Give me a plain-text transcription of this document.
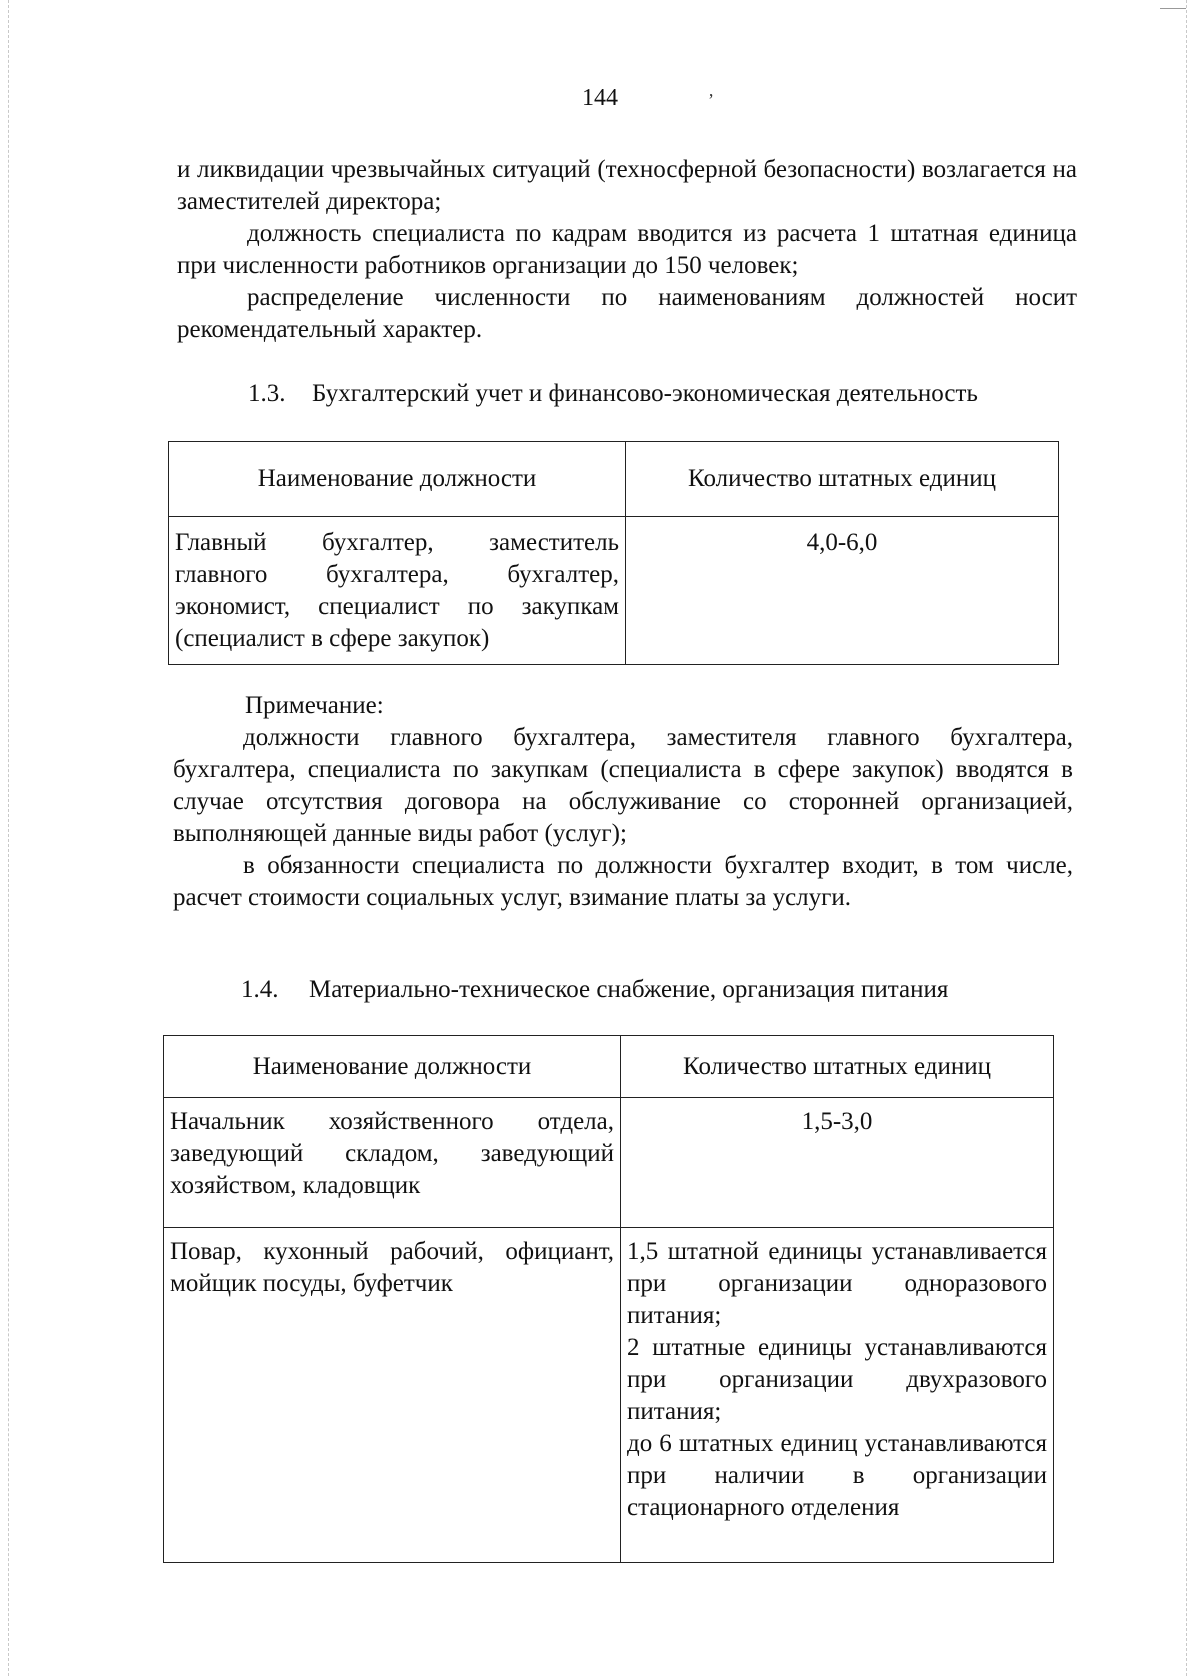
144	’

и ликвидации чрезвычайных ситуаций (техносферной безопасности) возлагается на заместителей директора;

должность специалиста по кадрам вводится из расчета 1 штатная единица при численности работников организации до 150 человек;

распределение численности по наименованиям должностей носит рекомендательный характер.

1.3. Бухгалтерский учет и финансово-экономическая деятельность
Наименование должности	Количество штатных единиц
Главный бухгалтер, заместитель главного бухгалтера, бухгалтер, экономист, специалист по закупкам (специалист в сфере закупок)	4,0-6,0

Примечание:

должности главного бухгалтера, заместителя главного бухгалтера, бухгалтера, специалиста по закупкам (специалиста в сфере закупок) вводятся в случае отсутствия договора на обслуживание со сторонней организацией, выполняющей данные виды работ (услуг);

в обязанности специалиста по должности бухгалтер входит, в том числе, расчет стоимости социальных услуг, взимание платы за услуги.

1.4. Материально-техническое снабжение, организация питания
Наименование должности	Количество штатных единиц
Начальник хозяйственного отдела, заведующий складом, заведующий хозяйством, кладовщик	1,5-3,0
Повар, кухонный рабочий, официант, мойщик посуды, буфетчик	1,5 штатной единицы устанавливается при организации одноразового питания;
2 штатные единицы устанавливаются при организации двухразового питания;
до 6 штатных единиц устанавливаются при наличии в организации стационарного отделения
